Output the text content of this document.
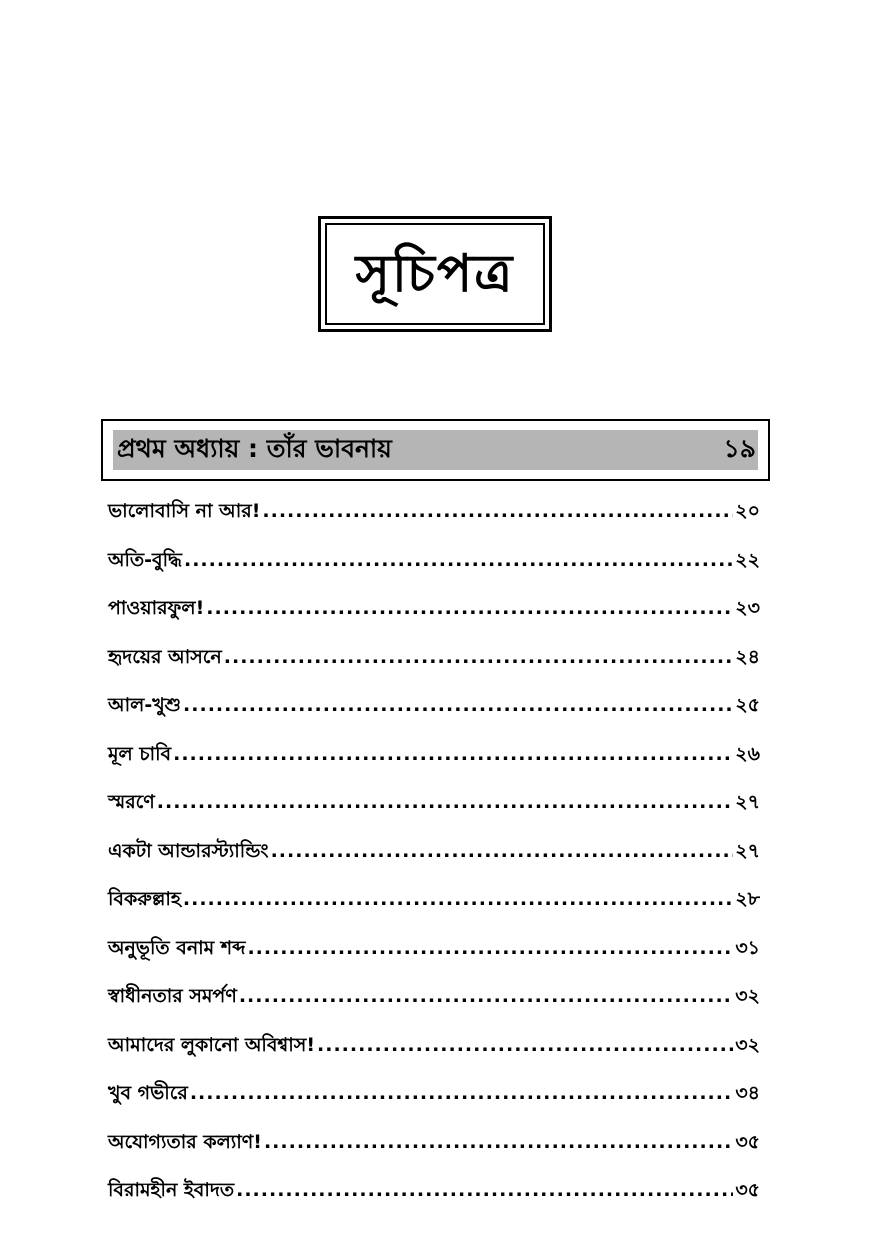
সূচিপত্র
প্রথম অধ্যায় : তাঁর ভাবনায়	১৯
ভালোবাসি না আর! .....	২০
অতি-বুদ্ধি .....	২২
পাওয়ারফুল! .....	২৩
হৃদয়ের আসনে .....	২৪
আল-খুশু .....	২৫
মূল চাবি .....	২৬
স্মরণে .....	২৭
একটা আন্ডারস্ট্যান্ডিং .....	২৭
বিকরুল্লাহ .....	২৮
অনুভূতি বনাম শব্দ .....	৩১
স্বাধীনতার সমর্পণ .....	৩২
আমাদের লুকানো অবিশ্বাস! .....	৩২
খুব গভীরে .....	৩৪
অযোগ্যতার কল্যাণ! .....	৩৫
বিরামহীন ইবাদত .....	৩৫
